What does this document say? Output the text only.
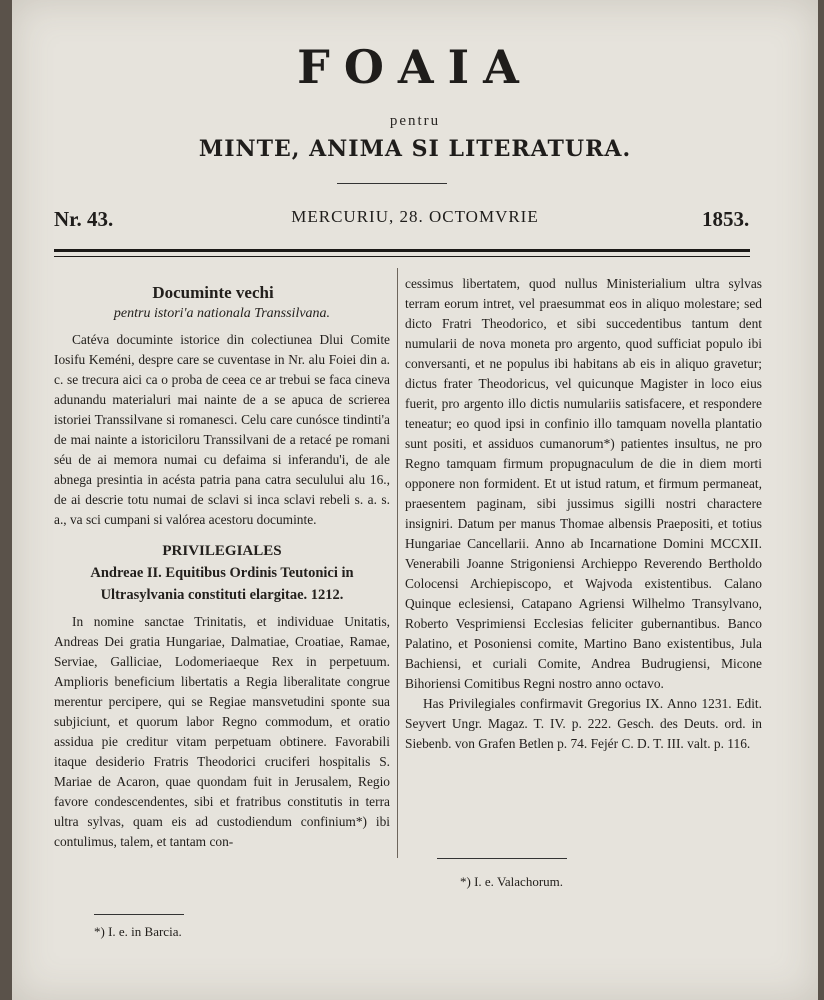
FOAIA
pentru
MINTE, ANIMA SI LITERATURA.
Nr. 43.	MERCURIU, 28. OCTOMVRIE	1853.
Documinte vechi
pentru istori'a nationala Transsilvana.

Catéva documinte istorice din colectiunea Dlui Comite Iosifu Keméni, despre care se cuventase in Nr. alu Foiei din a. c. se trecura aici ca o proba de ceea ce ar trebui se faca cineva adunandu materialuri mai nainte de a se apuca de scrierea istoriei Transsilvane si romanesci. Celu care cunósce tindinti'a de mai nainte a istoriciloru Transsilvani de a retacé pe romani séu de ai memora numai cu defaima si inferandu'i, de ale abnega presintia in acésta patria pana catra seculului alu 16., de ai descrie totu numai de sclavi si inca sclavi rebeli s. a. s. a., va sci cumpani si valórea acestoru documinte.

PRIVILEGIALES
Andreae II. Equitibus Ordinis Teutonici in Ultrasylvania constituti elargitae. 1212.

In nomine sanctae Trinitatis, et individuae Unitatis, Andreas Dei gratia Hungariae, Dalmatiae, Croatiae, Ramae, Serviae, Galliciae, Lodomeriaeque Rex in perpetuum. Amplioris beneficium libertatis a Regia liberalitate congrue merentur percipere, qui se Regiae mansvetudini sponte sua subjiciunt, et quorum labor Regno commodum, et oratio assidua pie creditur vitam perpetuam obtinere. Favorabili itaque desiderio Fratris Theodorici cruciferi hospitalis S. Mariae de Acaron, quae quondam fuit in Jerusalem, Regio favore condescendentes, sibi et fratribus constitutis in terra ultra sylvas, quam eis ad custodiendum confinium*) ibi contulimus, talem, et tantam con-

cessimus libertatem, quod nullus Ministerialium ultra sylvas terram eorum intret, vel praesummat eos in aliquo molestare; sed dicto Fratri Theodorico, et sibi succedentibus tantum dent numularii de nova moneta pro argento, quod sufficiat populo ibi conversanti, et ne populus ibi habitans ab eis in aliquo gravetur; dictus frater Theodoricus, vel quicunque Magister in loco eius fuerit, pro argento illo dictis numulariis satisfacere, et respondere teneatur; eo quod ipsi in confinio illo tamquam novella plantatio sunt positi, et assiduos cumanorum*) patientes insultus, ne pro Regno tamquam firmum propugnaculum de die in diem morti opponere non formident. Et ut istud ratum, et firmum permaneat, praesentem paginam, sibi jussimus sigilli nostri charactere insigniri. Datum per manus Thomae albensis Praepositi, et totius Hungariae Cancellarii. Anno ab Incarnatione Domini MCCXII. Venerabili Joanne Strigoniensi Archieppo Reverendo Bertholdo Colocensi Archiepiscopo, et Wajvoda existentibus. Calano Quinque eclesiensi, Catapano Agriensi Wilhelmo Transylvano, Roberto Vesprimiensi Ecclesias feliciter gubernantibus. Banco Palatino, et Posoniensi comite, Martino Bano existentibus, Jula Bachiensi, et curiali Comite, Andrea Budrugiensi, Micone Bihoriensi Comitibus Regni nostro anno octavo.

Has Privilegiales confirmavit Gregorius IX. Anno 1231. Edit. Seyvert Ungr. Magaz. T. IV. p. 222. Gesch. des Deuts. ord. in Siebenb. von Grafen Betlen p. 74. Fejér C. D. T. III. valt. p. 116.

*) I. e. in Barcia.
*) I. e. Valachorum.
